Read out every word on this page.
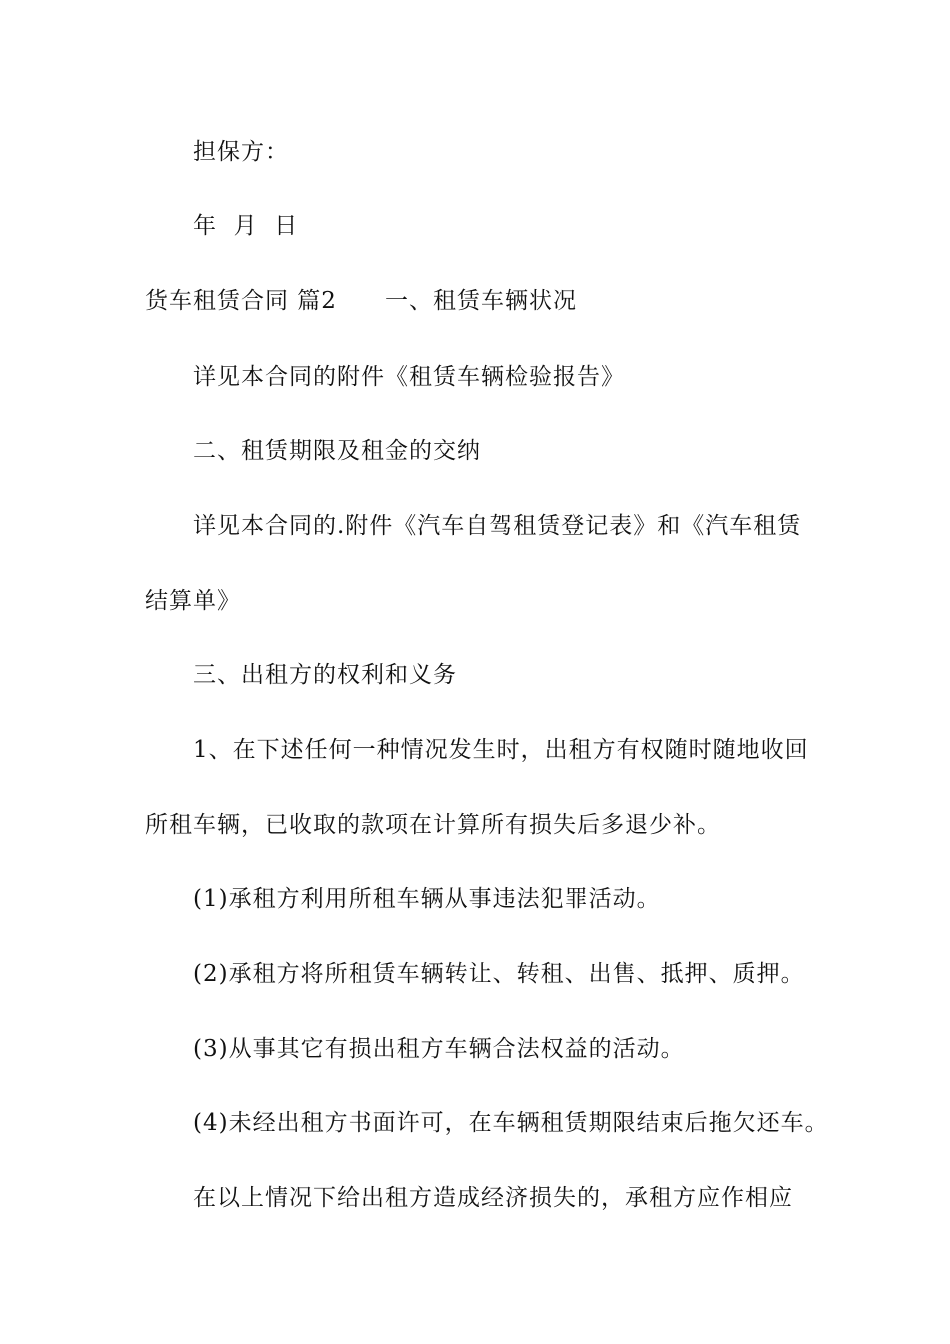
担保方：
年  月  日
货车租赁合同 篇2 一、租赁车辆状况
详见本合同的附件《租赁车辆检验报告》
二、租赁期限及租金的交纳
详见本合同的.附件《汽车自驾租赁登记表》和《汽车租赁
结算单》
三、出租方的权利和义务
1、在下述任何一种情况发生时，出租方有权随时随地收回
所租车辆，已收取的款项在计算所有损失后多退少补。
(1)承租方利用所租车辆从事违法犯罪活动。
(2)承租方将所租赁车辆转让、转租、出售、抵押、质押。
(3)从事其它有损出租方车辆合法权益的活动。
(4)未经出租方书面许可，在车辆租赁期限结束后拖欠还车。
在以上情况下给出租方造成经济损失的，承租方应作相应
